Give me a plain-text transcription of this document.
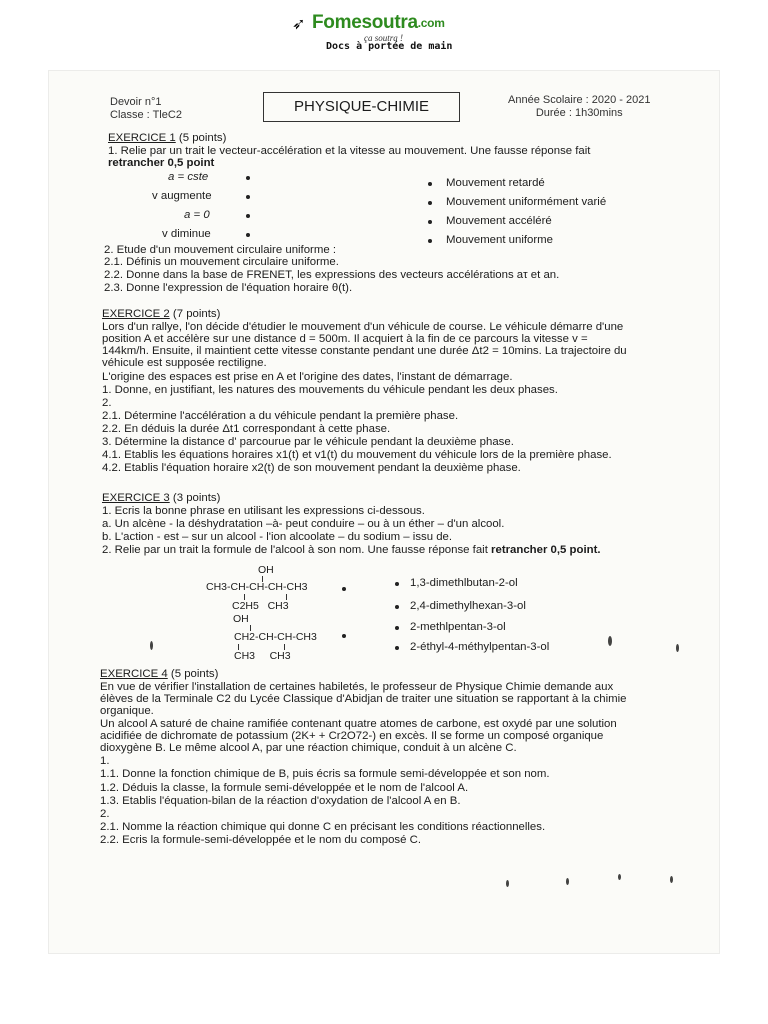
➶ Fomesoutra.com
ça soutra !
Docs à portée de main
Devoir n°1
Classe : TleC2	PHYSIQUE-CHIMIE	Année Scolaire : 2020 - 2021
Durée : 1h30mins
EXERCICE 1 (5 points)
1. Relie par un trait le vecteur-accélération et la vitesse au mouvement. Une fausse réponse fait
retrancher 0,5 point
a = cste
v augmente
a = 0
v diminue
Mouvement retardé
Mouvement uniformément varié
Mouvement accéléré
Mouvement uniforme
2. Etude d'un mouvement circulaire uniforme :
2.1. Définis un mouvement circulaire uniforme.
2.2. Donne dans la base de FRENET, les expressions des vecteurs accélérations aτ et an.
2.3. Donne l'expression de l'équation horaire θ(t).
EXERCICE 2 (7 points)
Lors d'un rallye, l'on décide d'étudier le mouvement d'un véhicule de course. Le véhicule démarre d'une
position A et accélère sur une distance d = 500m. Il acquiert à la fin de ce parcours la vitesse v =
144km/h. Ensuite, il maintient cette vitesse constante pendant une durée Δt2 = 10mins. La trajectoire du
véhicule est supposée rectiligne.
L'origine des espaces est prise en A et l'origine des dates, l'instant de démarrage.
1. Donne, en justifiant, les natures des mouvements du véhicule pendant les deux phases.
2.
2.1. Détermine l'accélération a du véhicule pendant la première phase.
2.2. En déduis la durée Δt1 correspondant à cette phase.
3. Détermine la distance d' parcourue par le véhicule pendant la deuxième phase.
4.1. Etablis les équations horaires x1(t) et v1(t) du mouvement du véhicule lors de la première phase.
4.2. Etablis l'équation horaire x2(t) de son mouvement pendant la deuxième phase.
EXERCICE 3 (3 points)
1. Ecris la bonne phrase en utilisant les expressions ci-dessous.
a. Un alcène - la déshydratation –à- peut conduire – ou à un éther – d'un alcool.
b. L'action - est – sur un alcool - l'ion alcoolate – du sodium – issu de.
2. Relie par un trait la formule de l'alcool à son nom. Une fausse réponse fait retrancher 0,5 point.
OH
CH3-CH-CH-CH-CH3
C2H5   CH3
OH
CH2-CH-CH-CH3
CH3     CH3
1,3-dimethlbutan-2-ol
2,4-dimethylhexan-3-ol
2-methlpentan-3-ol
2-éthyl-4-méthylpentan-3-ol
EXERCICE 4 (5 points)
En vue de vérifier l'installation de certaines habiletés, le professeur de Physique Chimie demande aux
élèves de la Terminale C2 du Lycée Classique d'Abidjan de traiter une situation se rapportant à la chimie
organique.
Un alcool A saturé de chaine ramifiée contenant quatre atomes de carbone, est oxydé par une solution
acidifiée de dichromate de potassium (2K+ + Cr2O72-) en excès. Il se forme un composé organique
dioxygène B. Le même alcool A, par une réaction chimique, conduit à un alcène C.
1.
1.1. Donne la fonction chimique de B, puis écris sa formule semi-développée et son nom.
1.2. Déduis la classe, la formule semi-développée et le nom de l'alcool A.
1.3. Etablis l'équation-bilan de la réaction d'oxydation de l'alcool A en B.
2.
2.1. Nomme la réaction chimique qui donne C en précisant les conditions réactionnelles.
2.2. Ecris la formule-semi-développée et le nom du composé C.
